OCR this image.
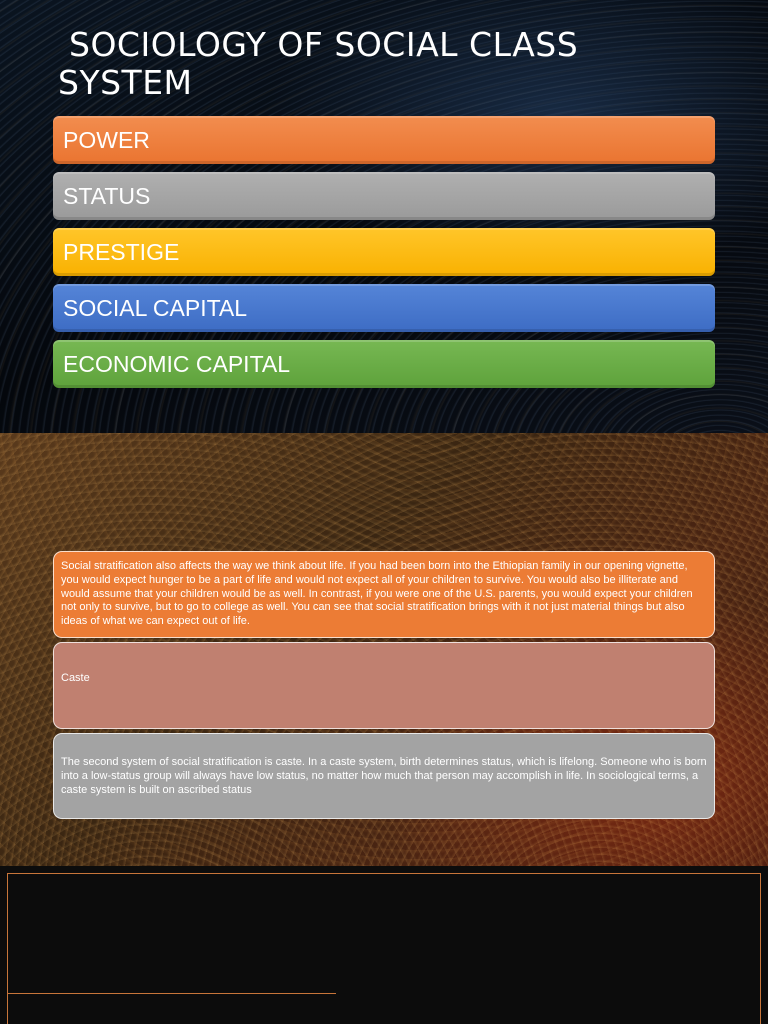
SOCIOLOGY OF SOCIAL CLASS
SYSTEM
POWER
STATUS
PRESTIGE
SOCIAL CAPITAL
ECONOMIC CAPITAL
Social stratification also affects the way we think about life. If you had been born into the Ethiopian family in our opening vignette, you would expect hunger to be a part of life and would not expect all of your children to survive. You would also be illiterate and would assume that your children would be as well. In contrast, if you were one of the U.S. parents, you would expect your children not only to survive, but to go to college as well. You can see that social stratification brings with it not just material things but also ideas of what we can expect out of life.
Caste
The second system of social stratification is caste. In a caste system, birth determines status, which is lifelong. Someone who is born into a low-status group will always have low status, no matter how much that person may accomplish in life. In sociological terms, a caste system is built on ascribed status
